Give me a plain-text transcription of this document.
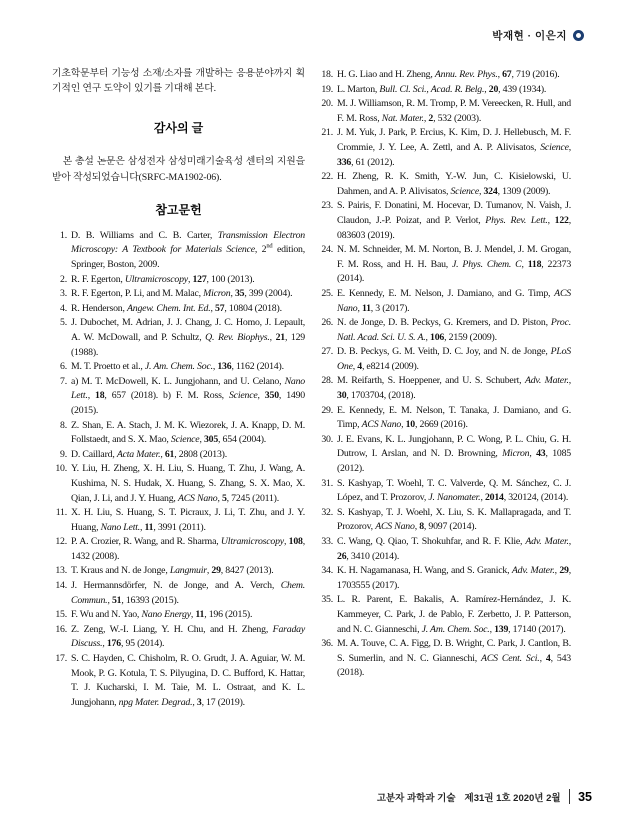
박재현 · 이은지

기초학문부터 기능성 소재/소자를 개발하는 응용분야까지 획기적인 연구 도약이 있기를 기대해 본다.

감사의 글

본 총설 논문은 삼성전자 삼성미래기술육성 센터의 지원을 받아 작성되었습니다(SRFC-MA1902-06).

참고문헌
1. D. B. Williams and C. B. Carter, Transmission Electron Microscopy: A Textbook for Materials Science, 2nd edition, Springer, Boston, 2009.
2. R. F. Egerton, Ultramicroscopy, 127, 100 (2013).
3. R. F. Egerton, P. Li, and M. Malac, Micron, 35, 399 (2004).
4. R. Henderson, Angew. Chem. Int. Ed., 57, 10804 (2018).
5. J. Dubochet, M. Adrian, J. J. Chang, J. C. Homo, J. Lepault, A. W. McDowall, and P. Schultz, Q. Rev. Biophys., 21, 129 (1988).
6. M. T. Proetto et al., J. Am. Chem. Soc., 136, 1162 (2014).
7. a) M. T. McDowell, K. L. Jungjohann, and U. Celano, Nano Lett., 18, 657 (2018). b) F. M. Ross, Science, 350, 1490 (2015).
8. Z. Shan, E. A. Stach, J. M. K. Wiezorek, J. A. Knapp, D. M. Follstaedt, and S. X. Mao, Science, 305, 654 (2004).
9. D. Caillard, Acta Mater., 61, 2808 (2013).
10. Y. Liu, H. Zheng, X. H. Liu, S. Huang, T. Zhu, J. Wang, A. Kushima, N. S. Hudak, X. Huang, S. Zhang, S. X. Mao, X. Qian, J. Li, and J. Y. Huang, ACS Nano, 5, 7245 (2011).
11. X. H. Liu, S. Huang, S. T. Picraux, J. Li, T. Zhu, and J. Y. Huang, Nano Lett., 11, 3991 (2011).
12. P. A. Crozier, R. Wang, and R. Sharma, Ultramicroscopy, 108, 1432 (2008).
13. T. Kraus and N. de Jonge, Langmuir, 29, 8427 (2013).
14. J. Hermannsdörfer, N. de Jonge, and A. Verch, Chem. Commun., 51, 16393 (2015).
15. F. Wu and N. Yao, Nano Energy, 11, 196 (2015).
16. Z. Zeng, W.-I. Liang, Y. H. Chu, and H. Zheng, Faraday Discuss., 176, 95 (2014).
17. S. C. Hayden, C. Chisholm, R. O. Grudt, J. A. Aguiar, W. M. Mook, P. G. Kotula, T. S. Pilyugina, D. C. Bufford, K. Hattar, T. J. Kucharski, I. M. Taie, M. L. Ostraat, and K. L. Jungjohann, npg Mater. Degrad., 3, 17 (2019).
18. H. G. Liao and H. Zheng, Annu. Rev. Phys., 67, 719 (2016).
19. L. Marton, Bull. Cl. Sci., Acad. R. Belg., 20, 439 (1934).
20. M. J. Williamson, R. M. Tromp, P. M. Vereecken, R. Hull, and F. M. Ross, Nat. Mater., 2, 532 (2003).
21. J. M. Yuk, J. Park, P. Ercius, K. Kim, D. J. Hellebusch, M. F. Crommie, J. Y. Lee, A. Zettl, and A. P. Alivisatos, Science, 336, 61 (2012).
22. H. Zheng, R. K. Smith, Y.-W. Jun, C. Kisielowski, U. Dahmen, and A. P. Alivisatos, Science, 324, 1309 (2009).
23. S. Pairis, F. Donatini, M. Hocevar, D. Tumanov, N. Vaish, J. Claudon, J.-P. Poizat, and P. Verlot, Phys. Rev. Lett., 122, 083603 (2019).
24. N. M. Schneider, M. M. Norton, B. J. Mendel, J. M. Grogan, F. M. Ross, and H. H. Bau, J. Phys. Chem. C, 118, 22373 (2014).
25. E. Kennedy, E. M. Nelson, J. Damiano, and G. Timp, ACS Nano, 11, 3 (2017).
26. N. de Jonge, D. B. Peckys, G. Kremers, and D. Piston, Proc. Natl. Acad. Sci. U. S. A., 106, 2159 (2009).
27. D. B. Peckys, G. M. Veith, D. C. Joy, and N. de Jonge, PLoS One, 4, e8214 (2009).
28. M. Reifarth, S. Hoeppener, and U. S. Schubert, Adv. Mater., 30, 1703704, (2018).
29. E. Kennedy, E. M. Nelson, T. Tanaka, J. Damiano, and G. Timp, ACS Nano, 10, 2669 (2016).
30. J. E. Evans, K. L. Jungjohann, P. C. Wong, P. L. Chiu, G. H. Dutrow, I. Arslan, and N. D. Browning, Micron, 43, 1085 (2012).
31. S. Kashyap, T. Woehl, T. C. Valverde, Q. M. Sánchez, C. J. López, and T. Prozorov, J. Nanomater., 2014, 320124, (2014).
32. S. Kashyap, T. J. Woehl, X. Liu, S. K. Mallapragada, and T. Prozorov, ACS Nano, 8, 9097 (2014).
33. C. Wang, Q. Qiao, T. Shokuhfar, and R. F. Klie, Adv. Mater., 26, 3410 (2014).
34. K. H. Nagamanasa, H. Wang, and S. Granick, Adv. Mater., 29, 1703555 (2017).
35. L. R. Parent, E. Bakalis, A. Ramírez-Hernández, J. K. Kammeyer, C. Park, J. de Pablo, F. Zerbetto, J. P. Patterson, and N. C. Gianneschi, J. Am. Chem. Soc., 139, 17140 (2017).
36. M. A. Touve, C. A. Figg, D. B. Wright, C. Park, J. Cantlon, B. S. Sumerlin, and N. C. Gianneschi, ACS Cent. Sci., 4, 543 (2018).
고분자 과학과 기술 제31권 1호 2020년 2월 35
